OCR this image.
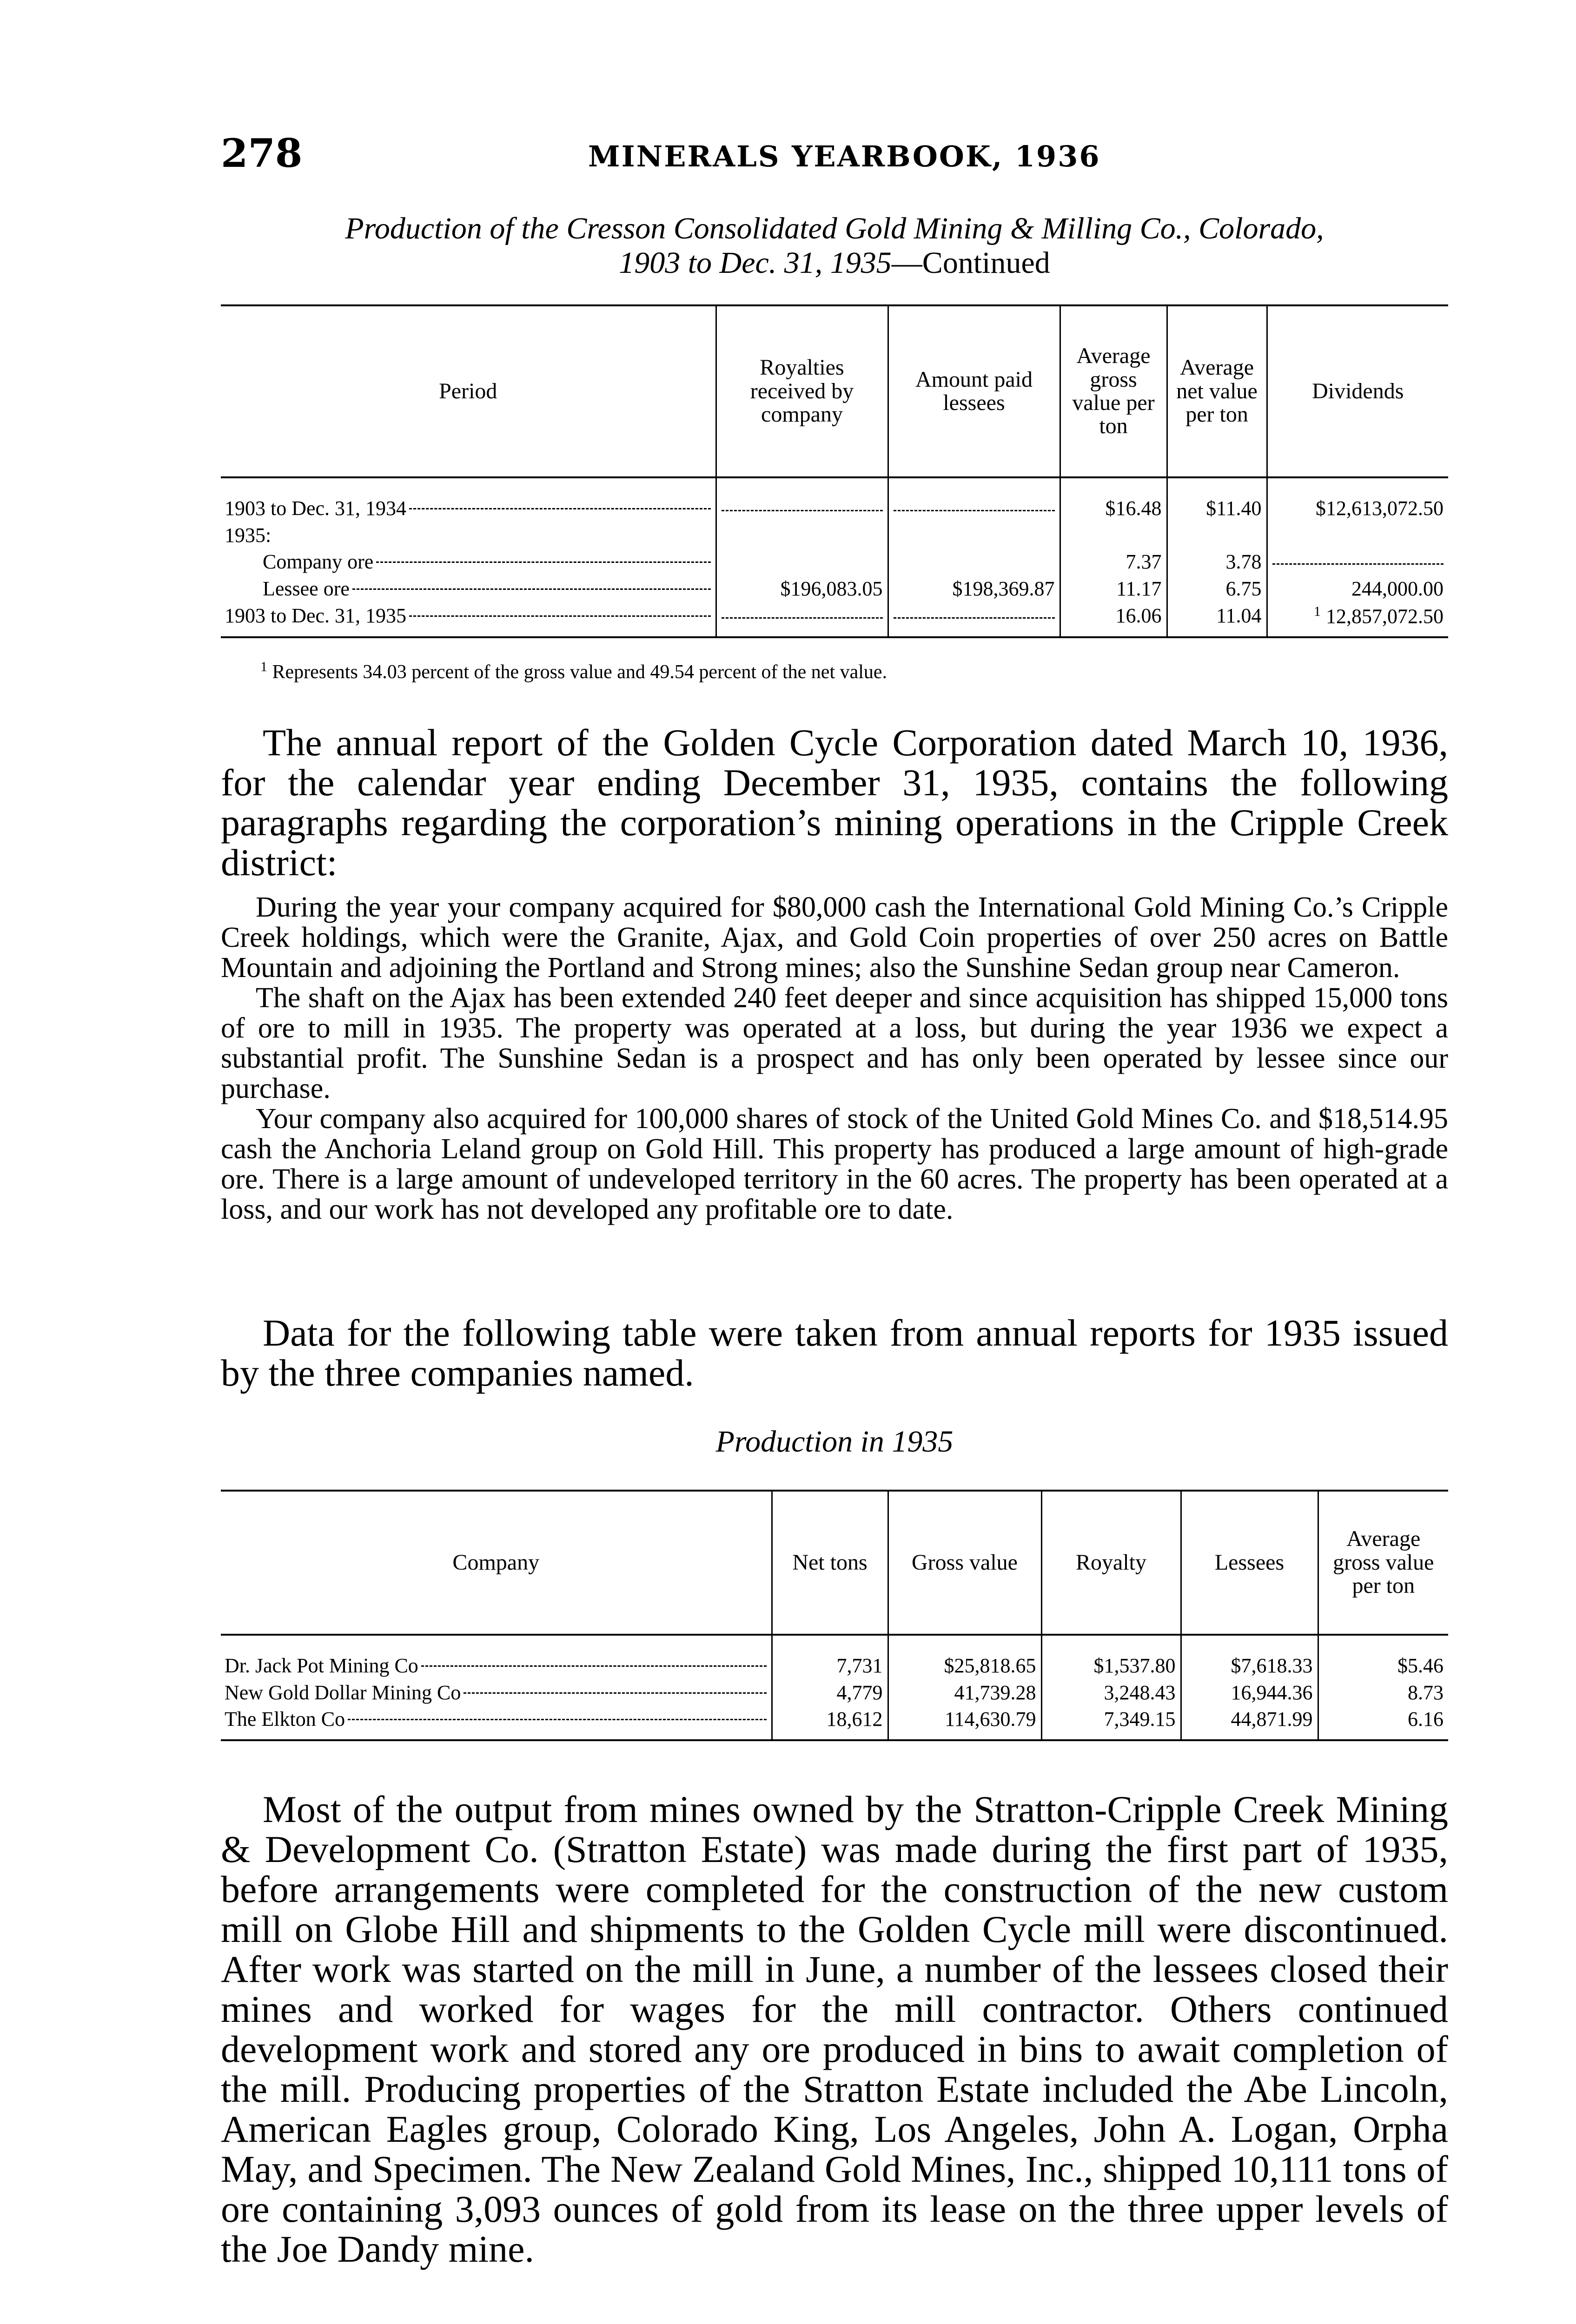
278	MINERALS YEARBOOK, 1936
Production of the Cresson Consolidated Gold Mining & Milling Co., Colorado,
1903 to Dec. 31, 1935—Continued
Period	Royalties received by company	Amount paid lessees	Average gross value per ton	Average net value per ton	Dividends

1903 to Dec. 31, 1934			$16.48	$11.40	$12,613,072.50
1935:					

Company ore			7.37	3.78	

Lessee ore	$196,083.05	$198,369.87	11.17	6.75	244,000.00

1903 to Dec. 31, 1935			16.06	11.04	$^1$ 12,857,072.50
$^1$ Represents 34.03 percent of the gross value and 49.54 percent of the net value.
The annual report of the Golden Cycle Corporation dated March 10, 1936, for the calendar year ending December 31, 1935, contains the following paragraphs regarding the corporation’s mining operations in the Cripple Creek district:

During the year your company acquired for $80,000 cash the International Gold Mining Co.’s Cripple Creek holdings, which were the Granite, Ajax, and Gold Coin properties of over 250 acres on Battle Mountain and adjoining the Portland and Strong mines; also the Sunshine Sedan group near Cameron.

The shaft on the Ajax has been extended 240 feet deeper and since acquisition has shipped 15,000 tons of ore to mill in 1935. The property was operated at a loss, but during the year 1936 we expect a substantial profit. The Sunshine Sedan is a prospect and has only been operated by lessee since our purchase.

Your company also acquired for 100,000 shares of stock of the United Gold Mines Co. and $18,514.95 cash the Anchoria Leland group on Gold Hill. This property has produced a large amount of high-grade ore. There is a large amount of undeveloped territory in the 60 acres. The property has been operated at a loss, and our work has not developed any profitable ore to date.

Data for the following table were taken from annual reports for 1935 issued by the three companies named.
Production in 1935
Company	Net tons	Gross value	Royalty	Lessees	Average gross value per ton

Dr. Jack Pot Mining Co	7,731	$25,818.65	$1,537.80	$7,618.33	$5.46

New Gold Dollar Mining Co	4,779	41,739.28	3,248.43	16,944.36	8.73

The Elkton Co	18,612	114,630.79	7,349.15	44,871.99	6.16
Most of the output from mines owned by the Stratton-Cripple Creek Mining & Development Co. (Stratton Estate) was made during the first part of 1935, before arrangements were completed for the construction of the new custom mill on Globe Hill and shipments to the Golden Cycle mill were discontinued. After work was started on the mill in June, a number of the lessees closed their mines and worked for wages for the mill contractor. Others continued development work and stored any ore produced in bins to await completion of the mill. Producing properties of the Stratton Estate included the Abe Lincoln, American Eagles group, Colorado King, Los Angeles, John A. Logan, Orpha May, and Specimen. The New Zealand Gold Mines, Inc., shipped 10,111 tons of ore containing 3,093 ounces of gold from its lease on the three upper levels of the Joe Dandy mine.
